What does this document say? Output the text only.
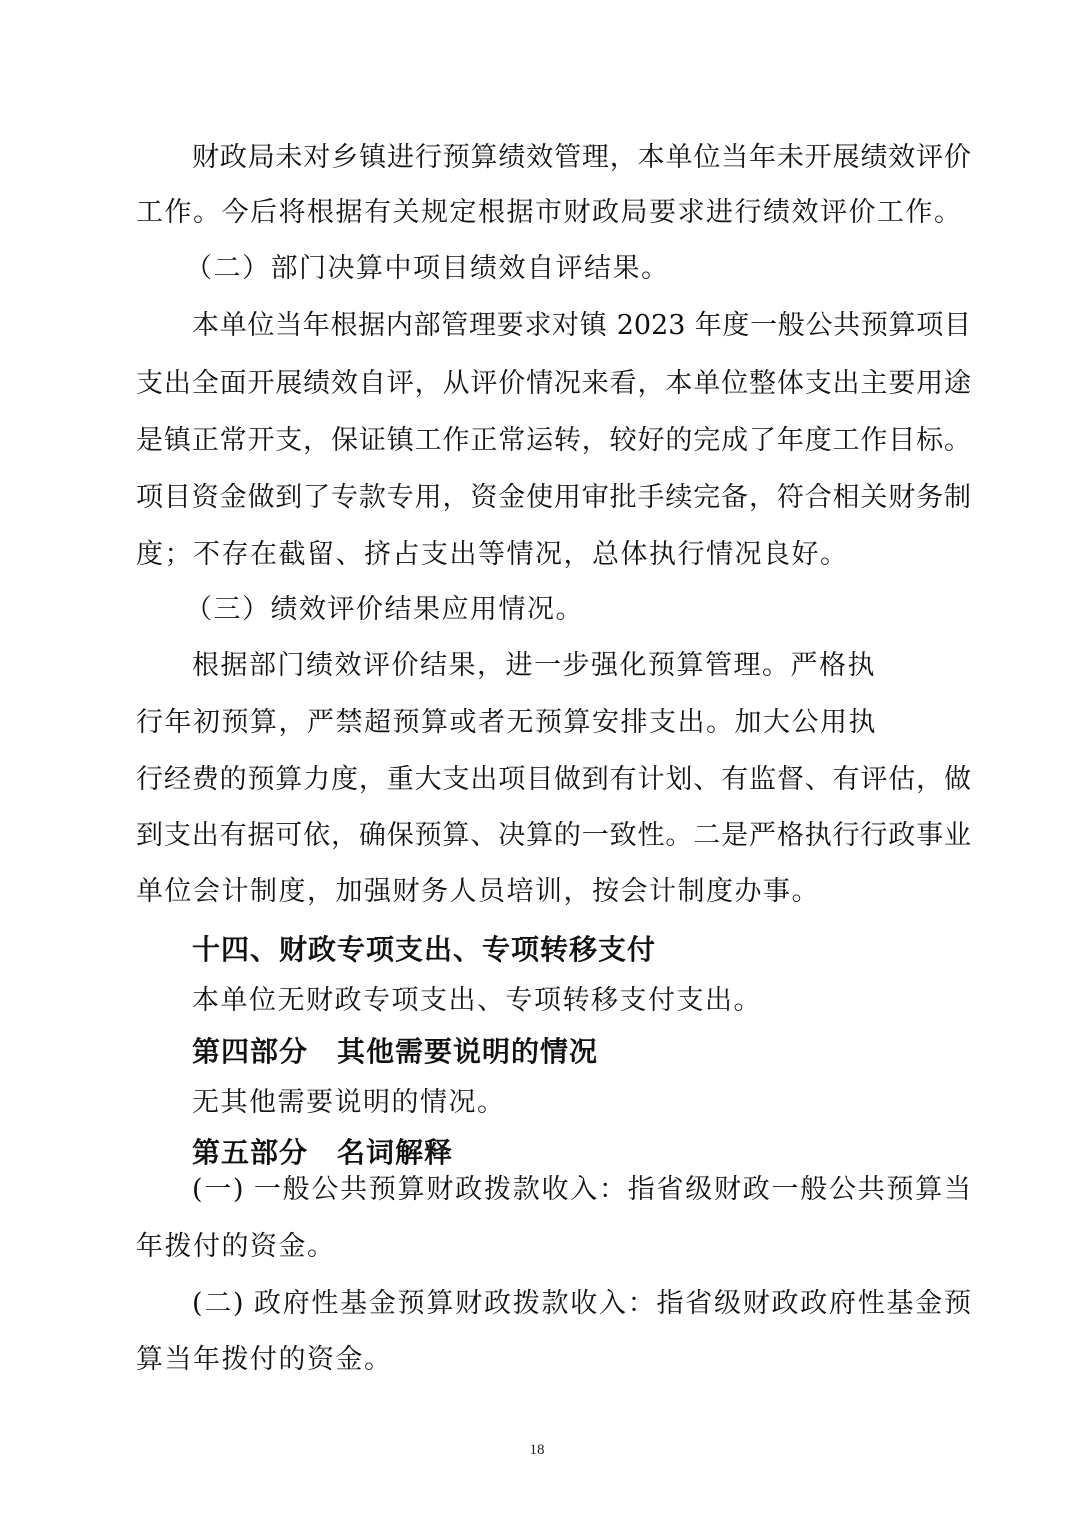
财政局未对乡镇进行预算绩效管理，本单位当年未开展绩效评价

工作。今后将根据有关规定根据市财政局要求进行绩效评价工作。

（二）部门决算中项目绩效自评结果。

本单位当年根据内部管理要求对镇 2023 年度一般公共预算项目

支出全面开展绩效自评，从评价情况来看，本单位整体支出主要用途

是镇正常开支，保证镇工作正常运转，较好的完成了年度工作目标。

项目资金做到了专款专用，资金使用审批手续完备，符合相关财务制

度；不存在截留、挤占支出等情况，总体执行情况良好。

（三）绩效评价结果应用情况。

根据部门绩效评价结果，进一步强化预算管理。严格执

行年初预算，严禁超预算或者无预算安排支出。加大公用执

行经费的预算力度，重大支出项目做到有计划、有监督、有评估，做

到支出有据可依，确保预算、决算的一致性。二是严格执行行政事业

单位会计制度，加强财务人员培训，按会计制度办事。

十四、财政专项支出、专项转移支付

本单位无财政专项支出、专项转移支付支出。

第四部分　其他需要说明的情况

无其他需要说明的情况。

第五部分　名词解释

(一) 一般公共预算财政拨款收入：指省级财政一般公共预算当

年拨付的资金。

(二) 政府性基金预算财政拨款收入：指省级财政政府性基金预

算当年拨付的资金。

18
